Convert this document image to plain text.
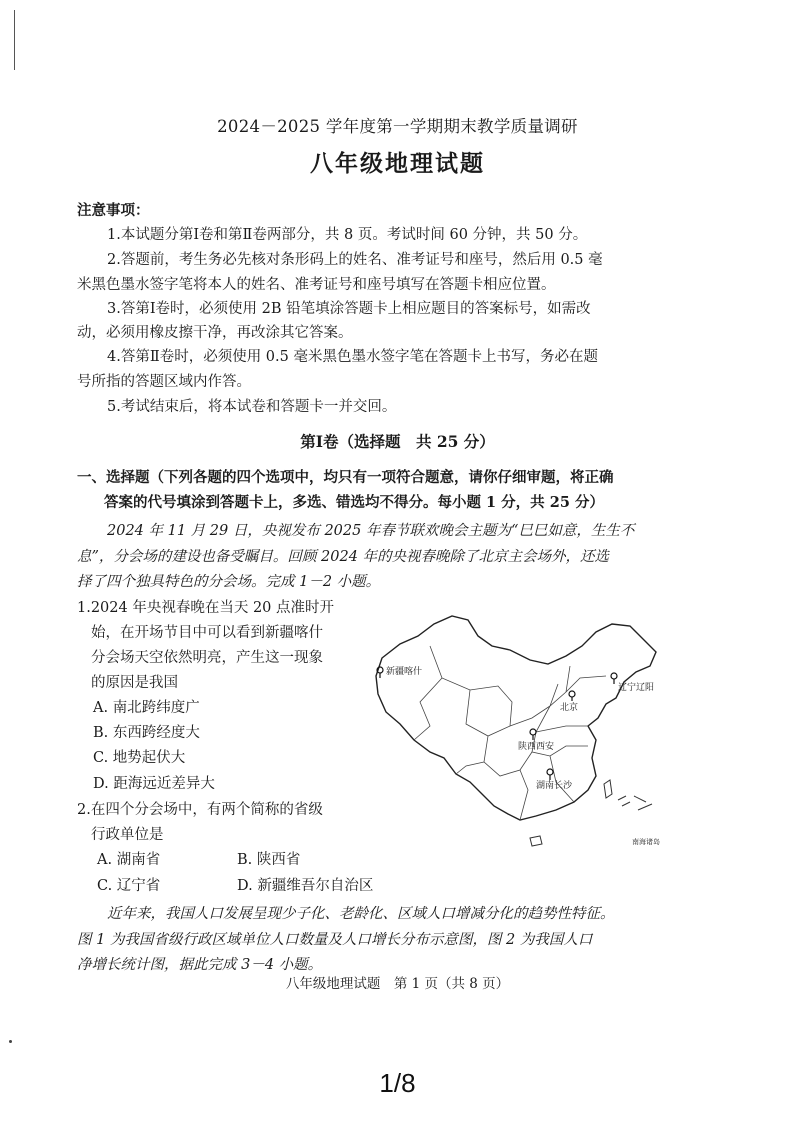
2024－2025 学年度第一学期期末教学质量调研
八年级地理试题
注意事项：
1.本试题分第Ⅰ卷和第Ⅱ卷两部分，共 8 页。考试时间 60 分钟，共 50 分。
2.答题前，考生务必先核对条形码上的姓名、准考证号和座号，然后用 0.5 毫
米黑色墨水签字笔将本人的姓名、准考证号和座号填写在答题卡相应位置。
3.答第Ⅰ卷时，必须使用 2B 铅笔填涂答题卡上相应题目的答案标号，如需改
动，必须用橡皮擦干净，再改涂其它答案。
4.答第Ⅱ卷时，必须使用 0.5 毫米黑色墨水签字笔在答题卡上书写，务必在题
号所指的答题区域内作答。
5.考试结束后，将本试卷和答题卡一并交回。
第Ⅰ卷（选择题　共 25 分）
一、选择题（下列各题的四个选项中，均只有一项符合题意，请你仔细审题，将正确
答案的代号填涂到答题卡上，多选、错选均不得分。每小题 1 分，共 25 分）
2024 年 11 月 29 日，央视发布 2025 年春节联欢晚会主题为“巳巳如意，生生不
息”，分会场的建设也备受瞩目。回顾 2024 年的央视春晚除了北京主会场外，还选
择了四个独具特色的分会场。完成 1－2 小题。
1.2024 年央视春晚在当天 20 点准时开
始，在开场节目中可以看到新疆喀什
分会场天空依然明亮，产生这一现象
的原因是我国
A. 南北跨纬度广
B. 东西跨经度大
C. 地势起伏大
D. 距海远近差异大
2.在四个分会场中，有两个简称的省级
行政单位是
A. 湖南省	B. 陕西省
C. 辽宁省	D. 新疆维吾尔自治区
新疆喀什
辽宁辽阳
北京
陕西西安
湖南长沙
南海诸岛
近年来，我国人口发展呈现少子化、老龄化、区域人口增减分化的趋势性特征。
图 1 为我国省级行政区域单位人口数量及人口增长分布示意图，图 2 为我国人口
净增长统计图，据此完成 3－4 小题。
八年级地理试题　第 1 页（共 8 页）
1/8
